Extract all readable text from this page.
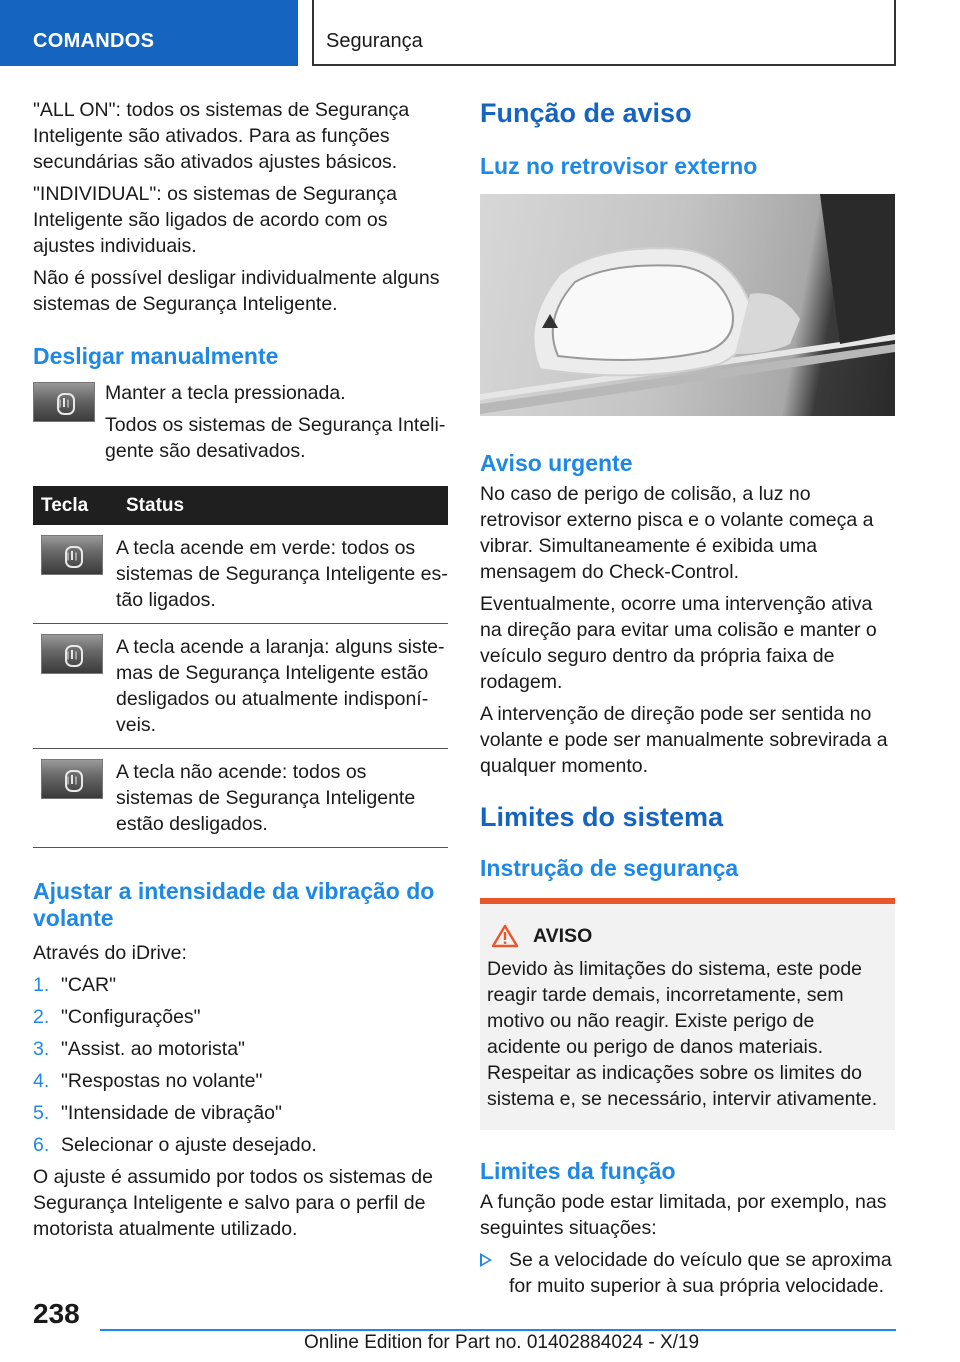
COMANDOS	Segurança

"ALL ON": todos os sistemas de Segurança Inteligente são ativados. Para as funções secundárias são ativados ajustes básicos.

"INDIVIDUAL": os sistemas de Segurança Inteligente são ligados de acordo com os ajustes individuais.

Não é possível desligar individualmente alguns sistemas de Segurança Inteligente.

Desligar manualmente

Manter a tecla pressionada.

Todos os sistemas de Segurança Inteligente são desativados.

Tecla	Status
	A tecla acende em verde: todos os sistemas de Segurança Inteligente estão ligados.
	A tecla acende a laranja: alguns sistemas de Segurança Inteligente estão desligados ou atualmente indisponíveis.
	A tecla não acende: todos os sistemas de Segurança Inteligente estão desligados.
Ajustar a intensidade da vibração do volante

Através do iDrive:

1. "CAR"
2. "Configurações"
3. "Assist. ao motorista"
4. "Respostas no volante"
5. "Intensidade de vibração"
6. Selecionar o ajuste desejado.

O ajuste é assumido por todos os sistemas de Segurança Inteligente e salvo para o perfil de motorista atualmente utilizado.

Função de aviso
Luz no retrovisor externo
Aviso urgente

No caso de perigo de colisão, a luz no retrovisor externo pisca e o volante começa a vibrar. Simultaneamente é exibida uma mensagem do Check-Control.

Eventualmente, ocorre uma intervenção ativa na direção para evitar uma colisão e manter o veículo seguro dentro da própria faixa de rodagem.

A intervenção de direção pode ser sentida no volante e pode ser manualmente sobrevirada a qualquer momento.

Limites do sistema
Instrução de segurança
AVISO

Devido às limitações do sistema, este pode reagir tarde demais, incorretamente, sem motivo ou não reagir. Existe perigo de acidente ou perigo de danos materiais. Respeitar as indicações sobre os limites do sistema e, se necessário, intervir ativamente.

Limites da função

A função pode estar limitada, por exemplo, nas seguintes situações:

Se a velocidade do veículo que se aproxima for muito superior à sua própria velocidade.
238
Online Edition for Part no. 01402884024 - X/19
